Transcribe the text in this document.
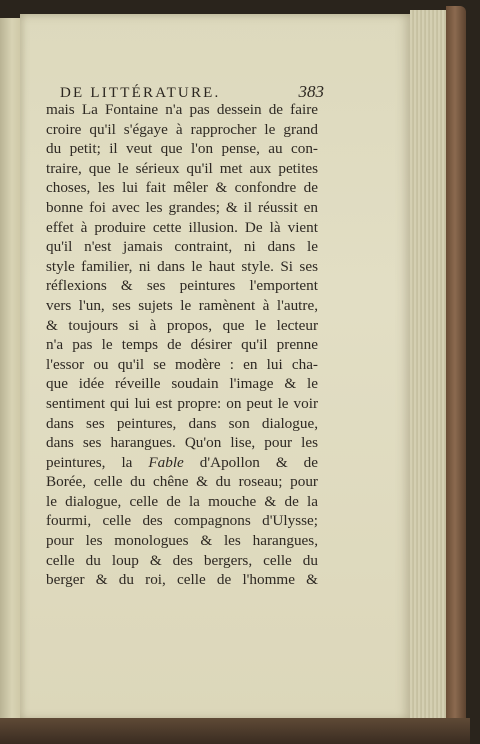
DE LITTÉRATURE.	383
mais La Fontaine n'a pas dessein de faire
croire qu'il s'égaye à rapprocher le grand
du petit; il veut que l'on pense, au con-
traire, que le sérieux qu'il met aux petites
choses, les lui fait mêler & confondre de
bonne foi avec les grandes; & il réussit en
effet à produire cette illusion. De là vient
qu'il n'est jamais contraint, ni dans le
style familier, ni dans le haut style. Si ses
réflexions & ses peintures l'emportent
vers l'un, ses sujets le ramènent à l'autre,
& toujours si à propos, que le lecteur
n'a pas le temps de désirer qu'il prenne
l'essor ou qu'il se modère : en lui cha-
que idée réveille soudain l'image & le
sentiment qui lui est propre: on peut le voir
dans ses peintures, dans son dialogue,
dans ses harangues. Qu'on lise, pour les
peintures, la Fable d'Apollon & de
Borée, celle du chêne & du roseau; pour
le dialogue, celle de la mouche & de la
fourmi, celle des compagnons d'Ulysse;
pour les monologues & les harangues,
celle du loup & des bergers, celle du
berger & du roi, celle de l'homme &
